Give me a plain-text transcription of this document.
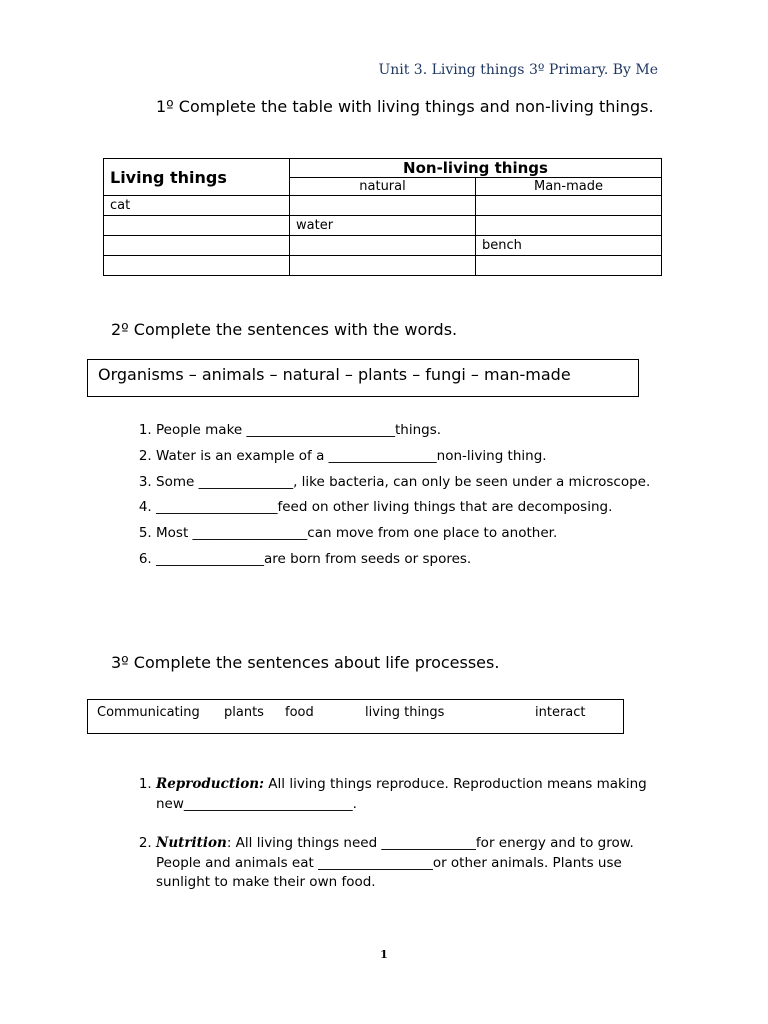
Unit 3. Living things 3º Primary. By Me
1º Complete the table with living things and non-living things.
Living things	Non-living things	
	natural	Man-made
cat		
	water	
		bench

2º Complete the sentences with the words.
Organisms – animals – natural – plants – fungi – man-made
1. People make ______________________things.
2. Water is an example of a ________________non-living thing.
3. Some ______________, like bacteria, can only be seen under a microscope.
4. __________________feed on other living things that are decomposing.
5. Most _________________can move from one place to another.
6. ________________are born from seeds or spores.
3º Complete the sentences about life processes.
Communicating plants food	living things	interact
1. Reproduction: All living things reproduce. Reproduction means making new_________________________.
2. Nutrition: All living things need ______________for energy and to grow. People and animals eat _________________or other animals. Plants use sunlight to make their own food.
1
